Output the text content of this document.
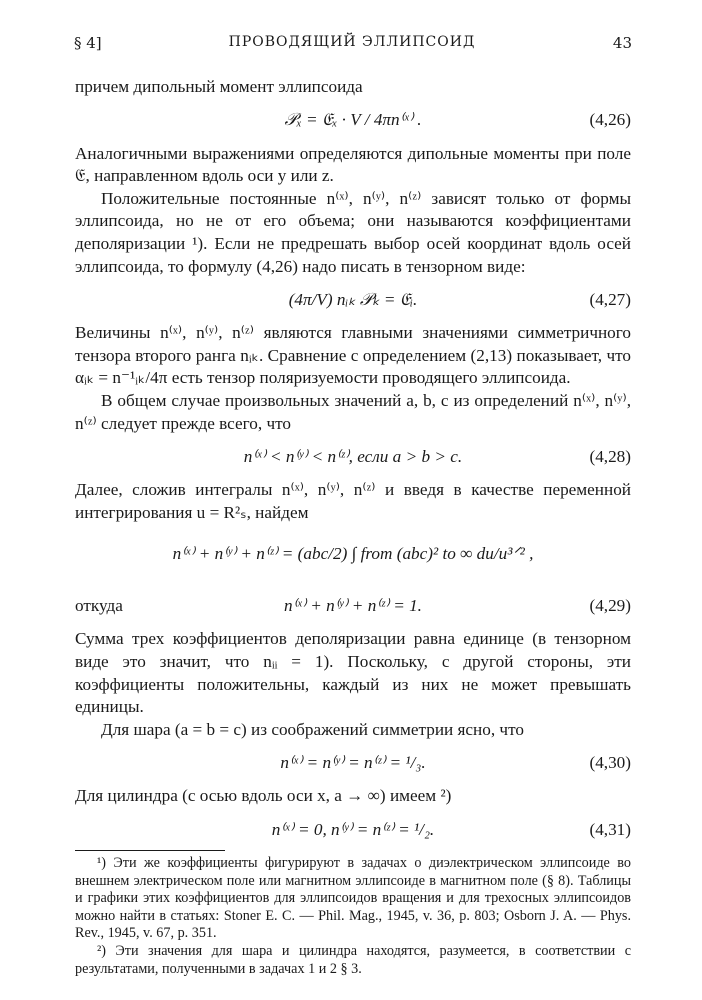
§ 4]	ПРОВОДЯЩИЙ ЭЛЛИПСОИД	43

причем дипольный момент эллипсоида

𝒫ₓ = 𝔈ₓ · V / 4πn⁽ˣ⁾ .	(4,26)

Аналогичными выражениями определяются дипольные моменты при поле 𝔈, направленном вдоль оси y или z.

Положительные постоянные n⁽ˣ⁾, n⁽ʸ⁾, n⁽ᶻ⁾ зависят только от формы эллипсоида, но не от его объема; они называются коэффициентами деполяризации ¹). Если не предрешать выбор осей координат вдоль осей эллипсоида, то формулу (4,26) надо писать в тензорном виде:

(4π/V) nᵢₖ 𝒫ₖ = 𝔈ᵢ.	(4,27)

Величины n⁽ˣ⁾, n⁽ʸ⁾, n⁽ᶻ⁾ являются главными значениями симметричного тензора второго ранга nᵢₖ. Сравнение с определением (2,13) показывает, что αᵢₖ = n⁻¹ᵢₖ/4π есть тензор поляризуемости проводящего эллипсоида.

В общем случае произвольных значений a, b, c из определений n⁽ˣ⁾, n⁽ʸ⁾, n⁽ᶻ⁾ следует прежде всего, что

n⁽ˣ⁾ < n⁽ʸ⁾ < n⁽ᶻ⁾, если a > b > c.	(4,28)

Далее, сложив интегралы n⁽ˣ⁾, n⁽ʸ⁾, n⁽ᶻ⁾ и введя в качестве переменной интегрирования u = R²ₛ, найдем

n⁽ˣ⁾ + n⁽ʸ⁾ + n⁽ᶻ⁾ = (abc/2) ∫ from (abc)² to ∞ du/u³ᐟ² ,
откуда	n⁽ˣ⁾ + n⁽ʸ⁾ + n⁽ᶻ⁾ = 1.	(4,29)

Сумма трех коэффициентов деполяризации равна единице (в тензорном виде это значит, что nᵢᵢ = 1). Поскольку, с другой стороны, эти коэффициенты положительны, каждый из них не может превышать единицы.

Для шара (a = b = c) из соображений симметрии ясно, что

n⁽ˣ⁾ = n⁽ʸ⁾ = n⁽ᶻ⁾ = ¹/₃.	(4,30)

Для цилиндра (с осью вдоль оси x, a → ∞) имеем ²)

n⁽ˣ⁾ = 0, n⁽ʸ⁾ = n⁽ᶻ⁾ = ¹/₂.	(4,31)

¹) Эти же коэффициенты фигурируют в задачах о диэлектрическом эллипсоиде во внешнем электрическом поле или магнитном эллипсоиде в магнитном поле (§ 8). Таблицы и графики этих коэффициентов для эллипсоидов вращения и для трехосных эллипсоидов можно найти в статьях: Stoner E. C. — Phil. Mag., 1945, v. 36, p. 803; Osborn J. A. — Phys. Rev., 1945, v. 67, p. 351.

²) Эти значения для шара и цилиндра находятся, разумеется, в соответствии с результатами, полученными в задачах 1 и 2 § 3.
